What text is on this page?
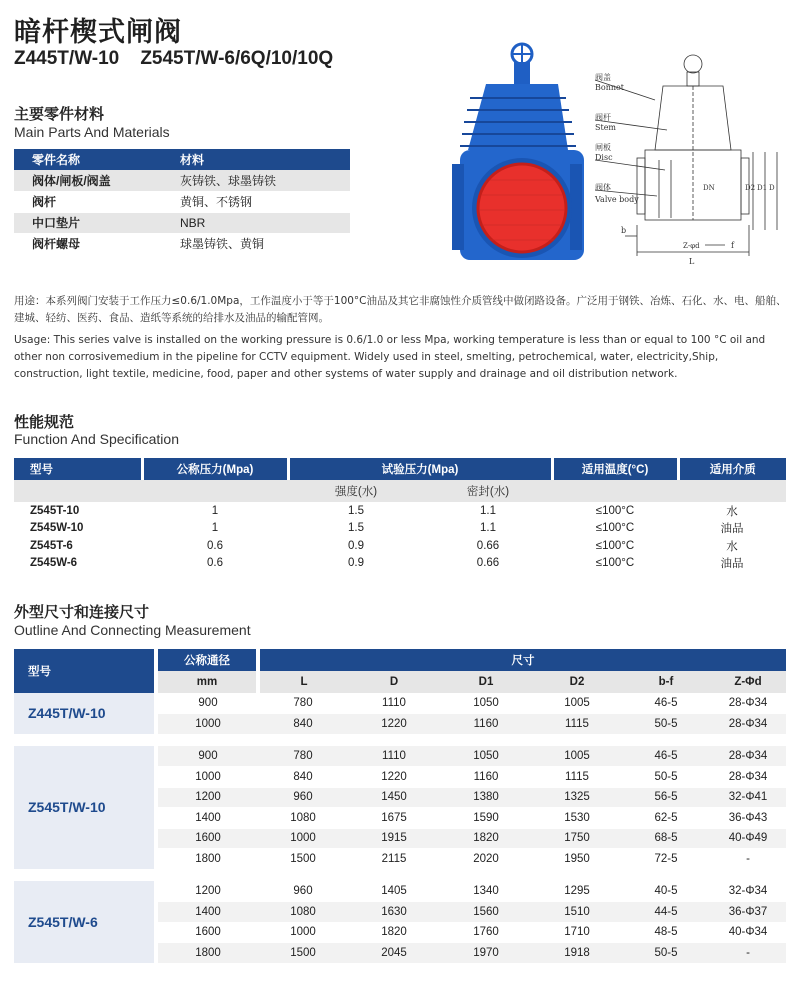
暗杆楔式闸阀
Z445T/W-10    Z545T/W-6/6Q/10/10Q
主要零件材料
Main Parts And Materials
零件名称	材料
阀体/闸板/阀盖	灰铸铁、球墨铸铁
阀杆	黄铜、不锈钢
中口垫片	NBR
阀杆螺母	球墨铸铁、黄铜
阀盖
Bonnet
阀杆
Stem
闸板
Disc
阀体
Valve body
b
Z-φd	f
L
DN	D2 D1 D
用途：本系列阀门安装于工作压力≤0.6/1.0Mpa，工作温度小于等于100°C油品及其它非腐蚀性介质管线中做闭路设备。广泛用于钢铁、冶炼、石化、水、电、船舶、建城、轻纺、医药、食品、造纸等系统的给排水及油品的输配管网。
Usage: This series valve is installed on the working pressure is 0.6/1.0 or less Mpa, working temperature is less than or equal to 100 °C oil and other non corrosivemedium in the pipeline for CCTV equipment. Widely used in steel, smelting, petrochemical, water, electricity,Ship, construction, light textile, medicine, food, paper and other systems of water supply and drainage and oil distribution network.
性能规范
Function And Specification
型号	公称压力(Mpa)	试验压力(Mpa)		适用温度(°C)	适用介质
		强度(水)	密封(水)		
Z545T-10	1	1.5	1.1	≤100°C	水
Z545W-10	1	1.5	1.1	≤100°C	油品
Z545T-6	0.6	0.9	0.66	≤100°C	水
Z545W-6	0.6	0.9	0.66	≤100°C	油品
外型尺寸和连接尺寸
Outline And Connecting Measurement
型号	公称通径	尺寸					
	mm	L	D	D1	D2	b-f	Z-Φd
Z445T/W-10	900	780	1110	1050	1005	46-5	28-Φ34
	1000	840	1220	1160	1115	50-5	28-Φ34

Z545T/W-10	900	780	1110	1050	1005	46-5	28-Φ34
	1000	840	1220	1160	1115	50-5	28-Φ34
	1200	960	1450	1380	1325	56-5	32-Φ41
	1400	1080	1675	1590	1530	62-5	36-Φ43
	1600	1000	1915	1820	1750	68-5	40-Φ49
	1800	1500	2115	2020	1950	72-5	-

Z545T/W-6	1200	960	1405	1340	1295	40-5	32-Φ34
	1400	1080	1630	1560	1510	44-5	36-Φ37
	1600	1000	1820	1760	1710	48-5	40-Φ34
	1800	1500	2045	1970	1918	50-5	-
